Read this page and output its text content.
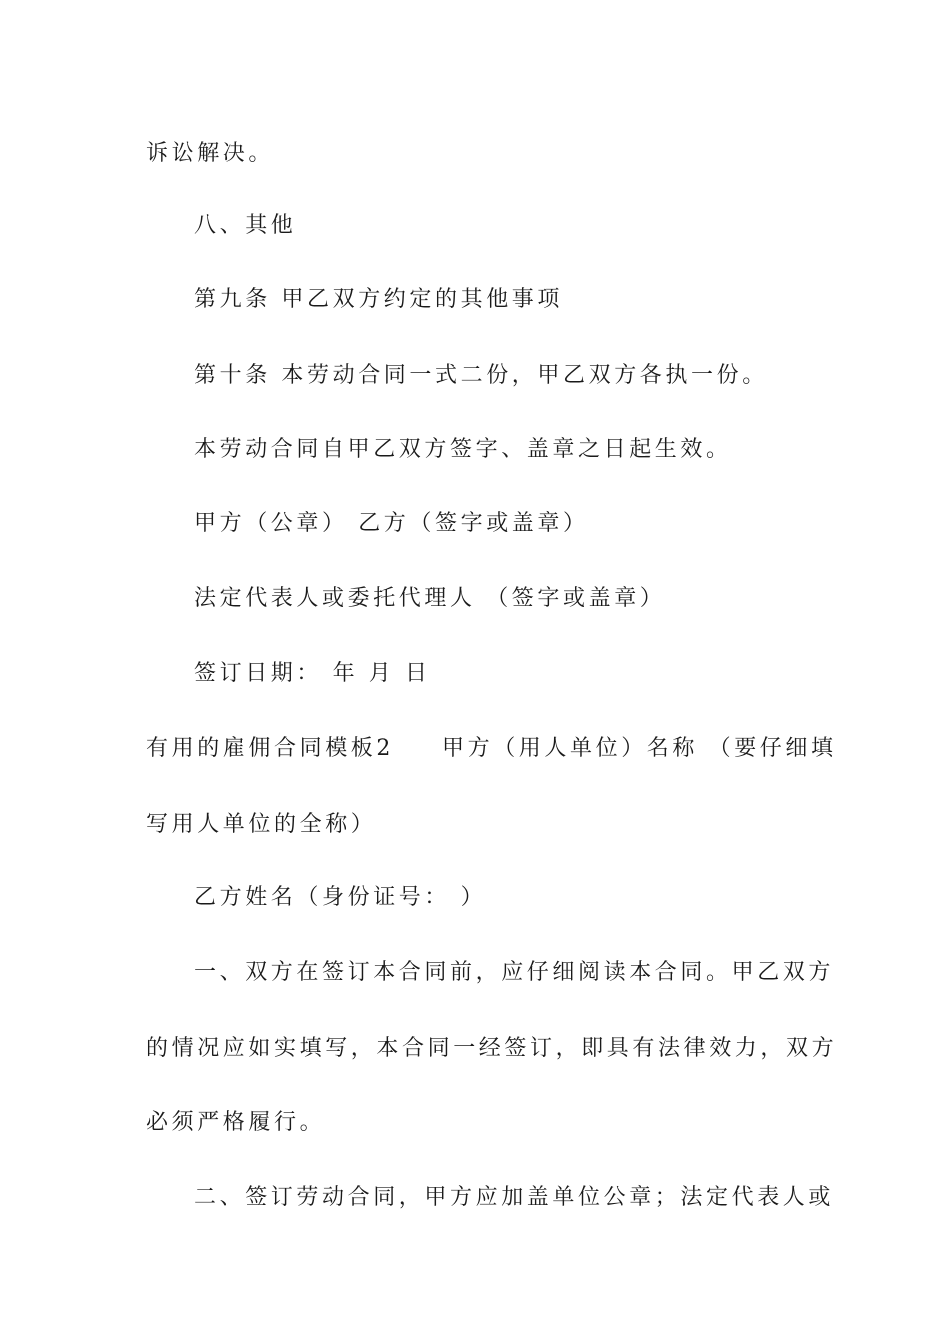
诉讼解决。
八、其他
第九条 甲乙双方约定的其他事项
第十条 本劳动合同一式二份，甲乙双方各执一份。
本劳动合同自甲乙双方签字、盖章之日起生效。
甲方（公章） 乙方（签字或盖章）
法定代表人或委托代理人 （签字或盖章）
签订日期： 年 月 日
有用的雇佣合同模板2 甲方（用人单位）名称 （要仔细填
写用人单位的全称）
乙方姓名（身份证号： ）
一、双方在签订本合同前，应仔细阅读本合同。甲乙双方
的情况应如实填写，本合同一经签订，即具有法律效力，双方
必须严格履行。
二、签订劳动合同，甲方应加盖单位公章；法定代表人或
